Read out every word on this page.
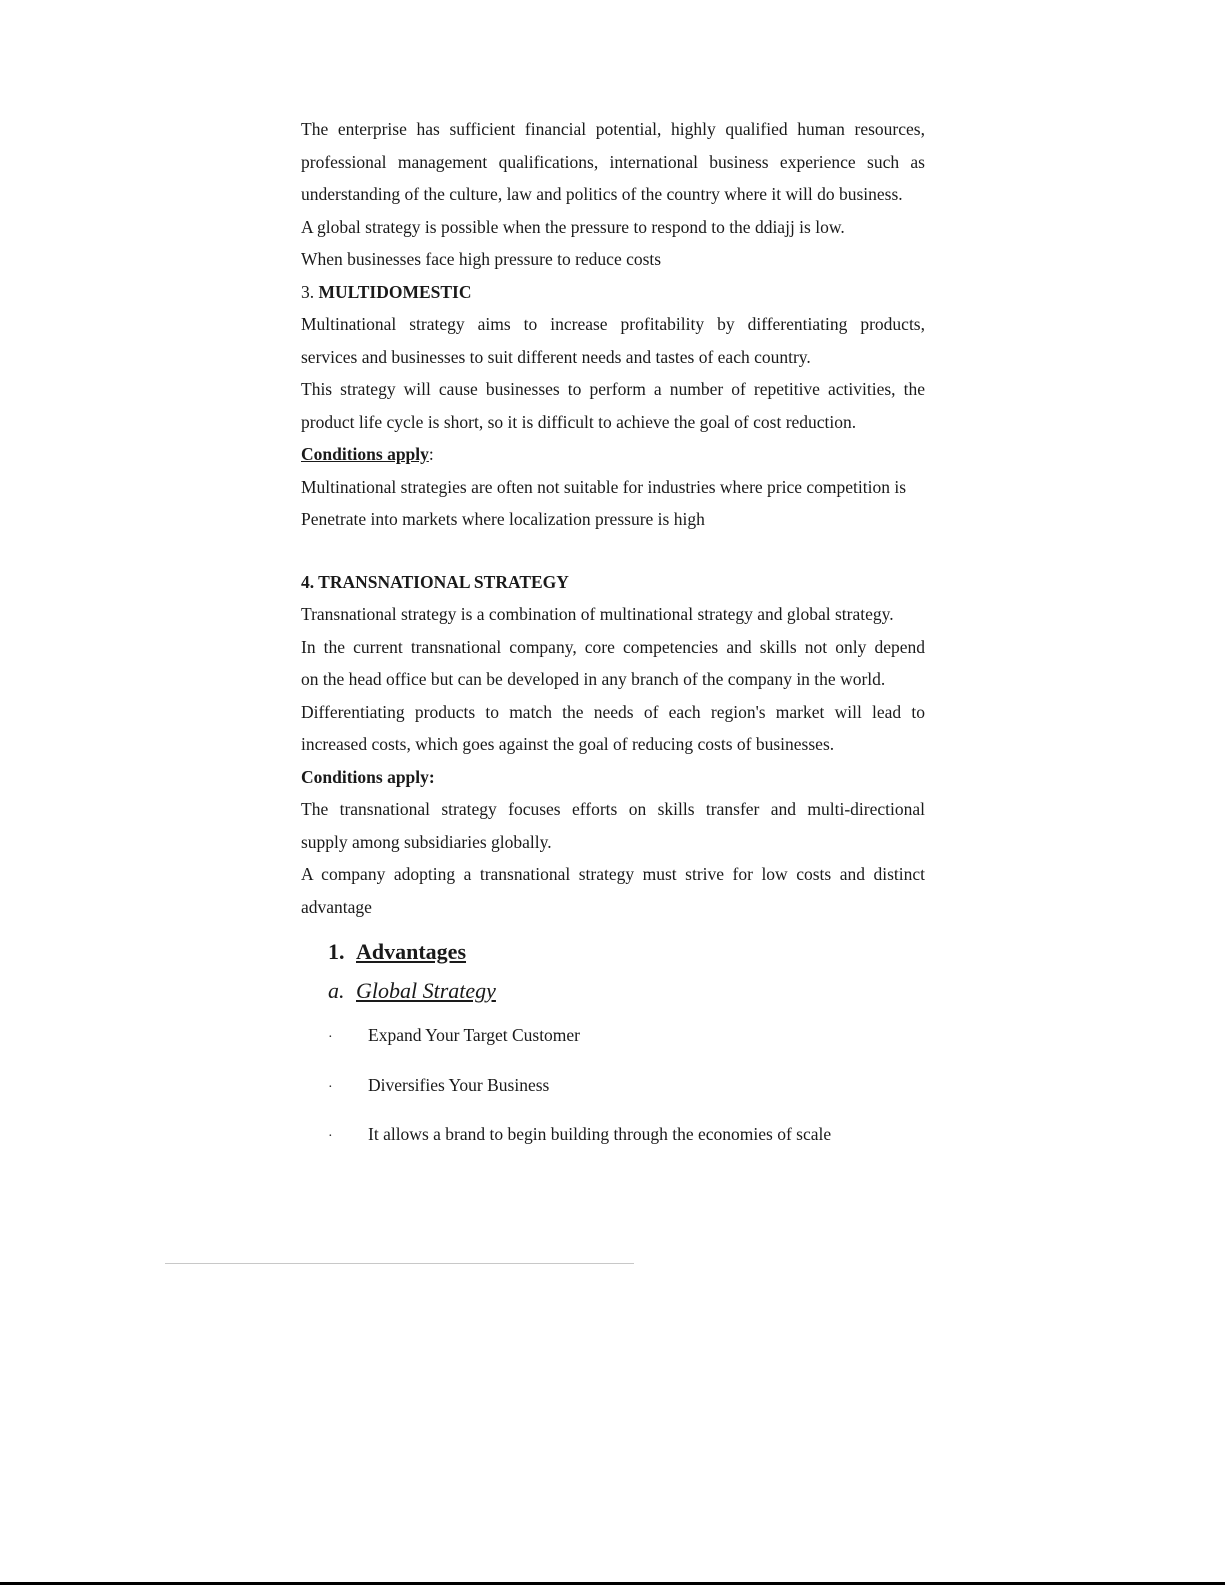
The enterprise has sufficient financial potential, highly qualified human resources,
professional management qualifications, international business experience such as
understanding of the culture, law and politics of the country where it will do business.
A global strategy is possible when the pressure to respond to the ddiajj is low.
When businesses face high pressure to reduce costs
3. MULTIDOMESTIC
Multinational strategy aims to increase profitability by differentiating products,
services and businesses to suit different needs and tastes of each country.
This strategy will cause businesses to perform a number of repetitive activities, the
product life cycle is short, so it is difficult to achieve the goal of cost reduction.
Conditions apply:
Multinational strategies are often not suitable for industries where price competition is
Penetrate into markets where localization pressure is high
4. TRANSNATIONAL STRATEGY
Transnational strategy is a combination of multinational strategy and global strategy.
In the current transnational company, core competencies and skills not only depend
on the head office but can be developed in any branch of the company in the world.
Differentiating products to match the needs of each region's market will lead to
increased costs, which goes against the goal of reducing costs of businesses.
Conditions apply:
The transnational strategy focuses efforts on skills transfer and multi-directional
supply among subsidiaries globally.
A company adopting a transnational strategy must strive for low costs and distinct
advantage
1. Advantages
a. Global Strategy
· Expand Your Target Customer
· Diversifies Your Business
· It allows a brand to begin building through the economies of scale
